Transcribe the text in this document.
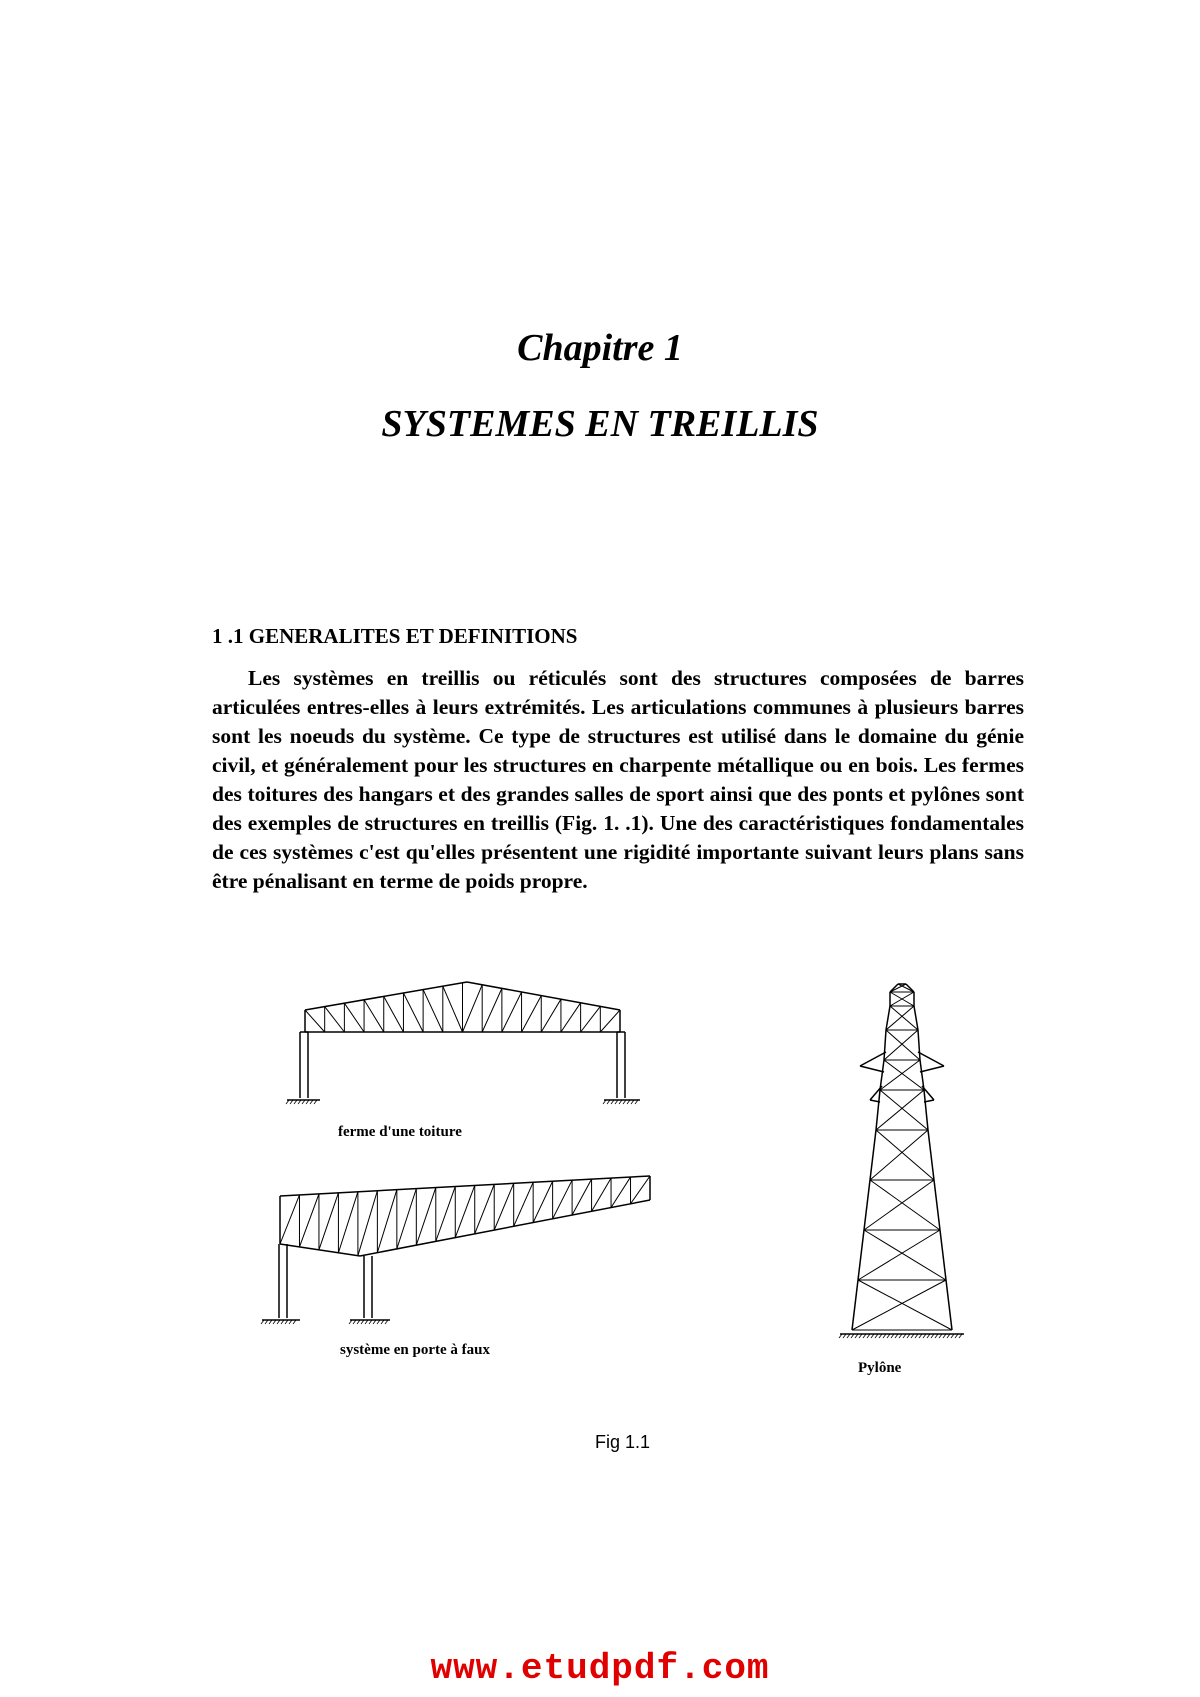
Chapitre 1
SYSTEMES EN TREILLIS
1 .1 GENERALITES ET DEFINITIONS
Les systèmes en treillis ou réticulés sont des structures composées de barres articulées entres-elles à leurs extrémités. Les articulations communes à plusieurs barres sont les noeuds du système. Ce type de structures est utilisé dans le domaine du génie civil, et généralement pour les structures en charpente métallique ou en bois. Les fermes des toitures des hangars et des grandes salles de sport ainsi que des ponts et pylônes sont des exemples de structures en treillis (Fig. 1. .1). Une des caractéristiques fondamentales de ces systèmes c'est qu'elles présentent une rigidité importante suivant leurs plans sans être pénalisant en terme de poids propre.
ferme d'une toiture
système en porte à faux
Pylône
Fig 1.1
www.etudpdf.com
